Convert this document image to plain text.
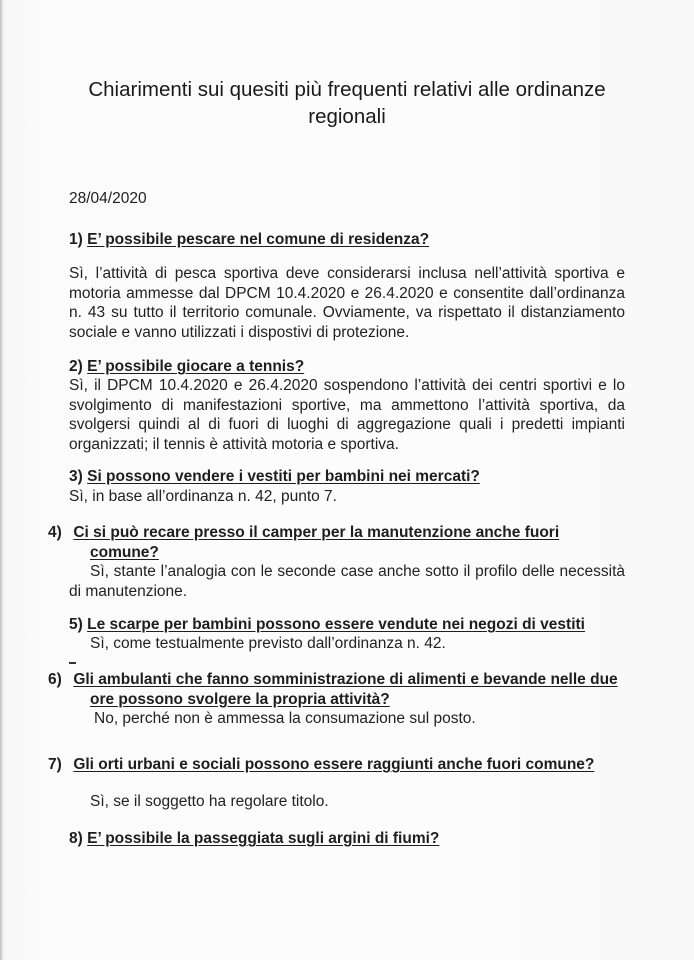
Chiarimenti sui quesiti più frequenti relativi alle ordinanze regionali
28/04/2020
1) E’ possibile pescare nel comune di residenza?
Sì, l’attività di pesca sportiva deve considerarsi inclusa nell’attività sportiva e motoria ammesse dal DPCM 10.4.2020 e 26.4.2020 e consentite dall’ordinanza n. 43 su tutto il territorio comunale. Ovviamente, va rispettato il distanziamento sociale e vanno utilizzati i dispostivi di protezione.
2) E’ possibile giocare a tennis?
Sì, il DPCM 10.4.2020 e 26.4.2020 sospendono l’attività dei centri sportivi e lo svolgimento di manifestazioni sportive, ma ammettono l’attività sportiva, da svolgersi quindi al di fuori di luoghi di aggregazione quali i predetti impianti organizzati; il tennis è attività motoria e sportiva.
3) Si possono vendere i vestiti per bambini nei mercati?
Sì, in base all’ordinanza n. 42, punto 7.
4) Ci si può recare presso il camper per la manutenzione anche fuori comune?
Sì, stante l’analogia con le seconde case anche sotto il profilo delle necessità di manutenzione.
5) Le scarpe per bambini possono essere vendute nei negozi di vestiti
Sì, come testualmente previsto dall’ordinanza n. 42.
6) Gli ambulanti che fanno somministrazione di alimenti e bevande nelle due ore possono svolgere la propria attività?
No, perché non è ammessa la consumazione sul posto.
7) Gli orti urbani e sociali possono essere raggiunti anche fuori comune?
Sì, se il soggetto ha regolare titolo.
8) E’ possibile la passeggiata sugli argini di fiumi?
